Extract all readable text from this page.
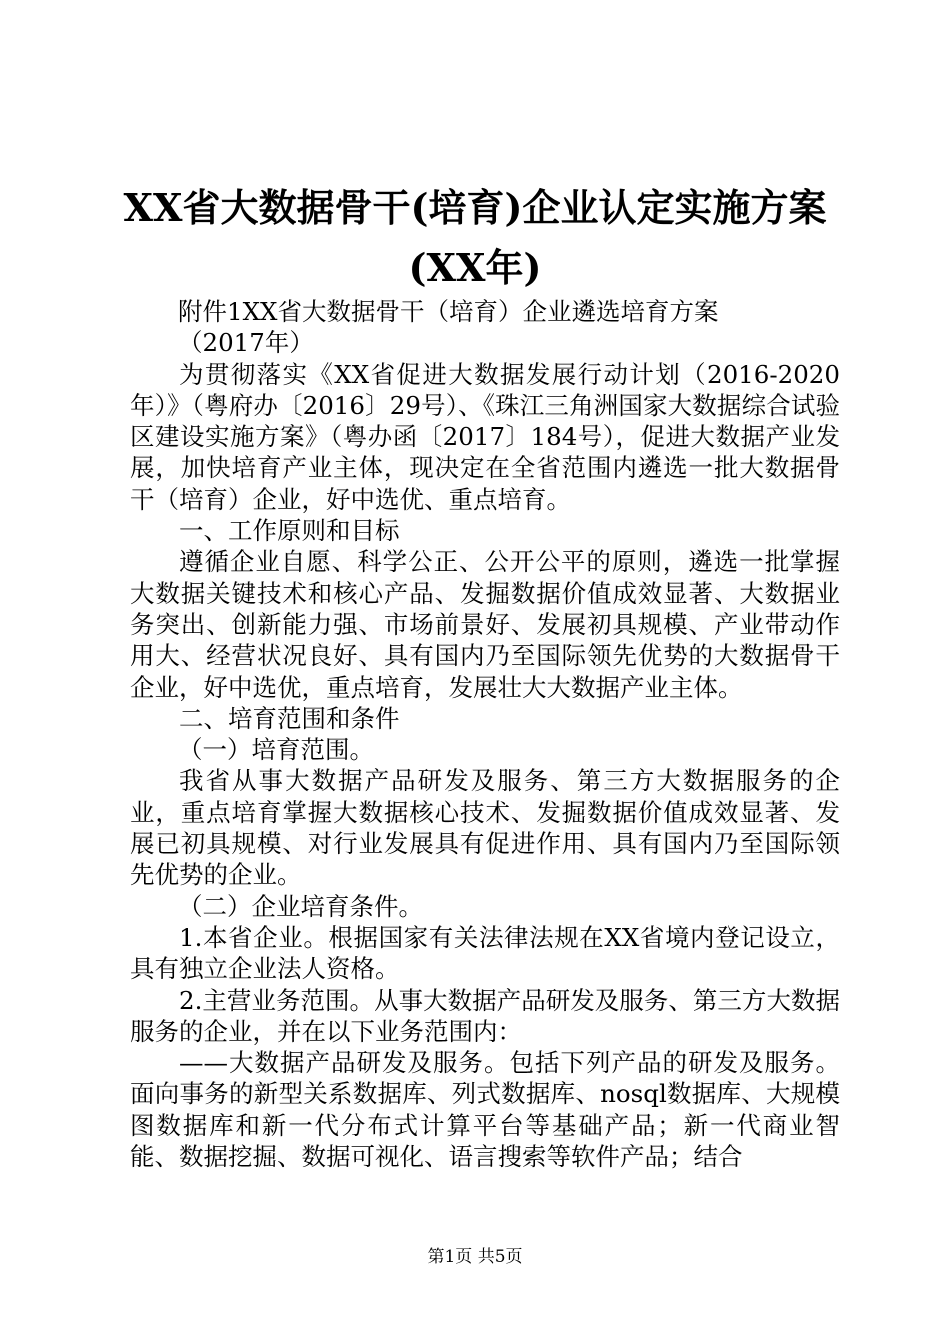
XX省大数据骨干(培育)企业认定实施方案(XX年)

附件1XX省大数据骨干（培育）企业遴选培育方案

（2017年）

为贯彻落实《XX省促进大数据发展行动计划（2016-2020年）》（粤府办〔2016〕29号）、《珠江三角洲国家大数据综合试验区建设实施方案》（粤办函〔2017〕184号），促进大数据产业发展，加快培育产业主体，现决定在全省范围内遴选一批大数据骨干（培育）企业，好中选优、重点培育。

一、工作原则和目标

遵循企业自愿、科学公正、公开公平的原则，遴选一批掌握大数据关键技术和核心产品、发掘数据价值成效显著、大数据业务突出、创新能力强、市场前景好、发展初具规模、产业带动作用大、经营状况良好、具有国内乃至国际领先优势的大数据骨干企业，好中选优，重点培育，发展壮大大数据产业主体。

二、培育范围和条件

（一）培育范围。

我省从事大数据产品研发及服务、第三方大数据服务的企业，重点培育掌握大数据核心技术、发掘数据价值成效显著、发展已初具规模、对行业发展具有促进作用、具有国内乃至国际领先优势的企业。

（二）企业培育条件。

1.本省企业。根据国家有关法律法规在XX省境内登记设立，具有独立企业法人资格。

2.主营业务范围。从事大数据产品研发及服务、第三方大数据服务的企业，并在以下业务范围内：

——大数据产品研发及服务。包括下列产品的研发及服务。面向事务的新型关系数据库、列式数据库、nosql数据库、大规模图数据库和新一代分布式计算平台等基础产品；新一代商业智能、数据挖掘、数据可视化、语言搜索等软件产品；结合

第1页 共5页
